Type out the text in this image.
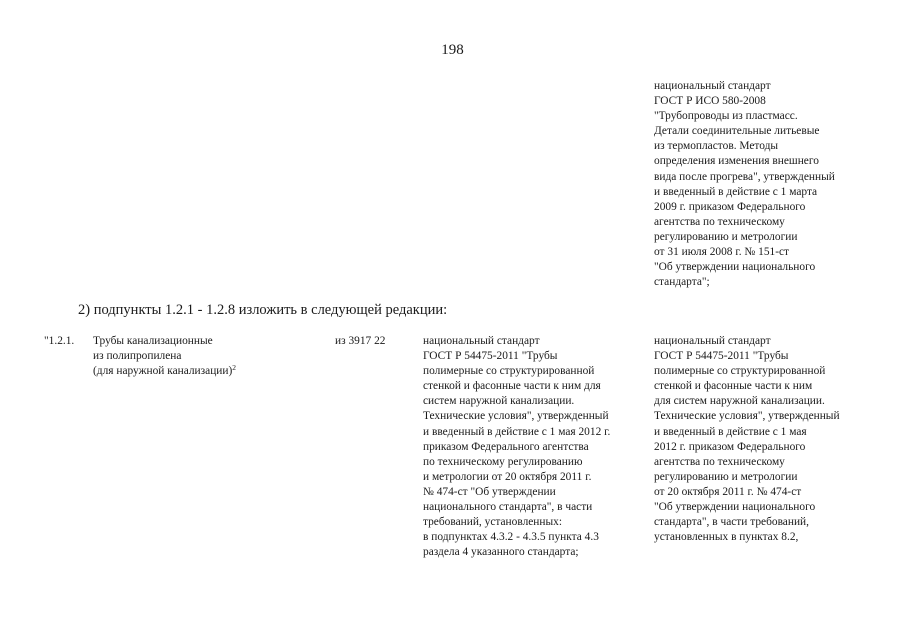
198
национальный стандарт
ГОСТ Р ИСО 580-2008
"Трубопроводы из пластмасс.
Детали соединительные литьевые
из термопластов. Методы
определения изменения внешнего
вида после прогрева", утвержденный
и введенный в действие с 1 марта
2009 г. приказом Федерального
агентства по техническому
регулированию и метрологии
от 31 июля 2008 г. № 151-ст
"Об утверждении национального
стандарта";
2) подпункты 1.2.1 - 1.2.8 изложить в следующей редакции:
"1.2.1. Трубы канализационные
из полипропилена
(для наружной канализации)$^2$
из 3917 22	национальный стандарт
ГОСТ Р 54475-2011 "Трубы
полимерные со структурированной
стенкой и фасонные части к ним для
систем наружной канализации.
Технические условия", утвержденный
и введенный в действие с 1 мая 2012 г.
приказом Федерального агентства
по техническому регулированию
и метрологии от 20 октября 2011 г.
№ 474-ст "Об утверждении
национального стандарта", в части
требований, установленных:
в подпунктах 4.3.2 - 4.3.5 пункта 4.3
раздела 4 указанного стандарта;
национальный стандарт
ГОСТ Р 54475-2011 "Трубы
полимерные со структурированной
стенкой и фасонные части к ним
для систем наружной канализации.
Технические условия", утвержденный
и введенный в действие с 1 мая
2012 г. приказом Федерального
агентства по техническому
регулированию и метрологии
от 20 октября 2011 г. № 474-ст
"Об утверждении национального
стандарта", в части требований,
установленных в пунктах 8.2,
